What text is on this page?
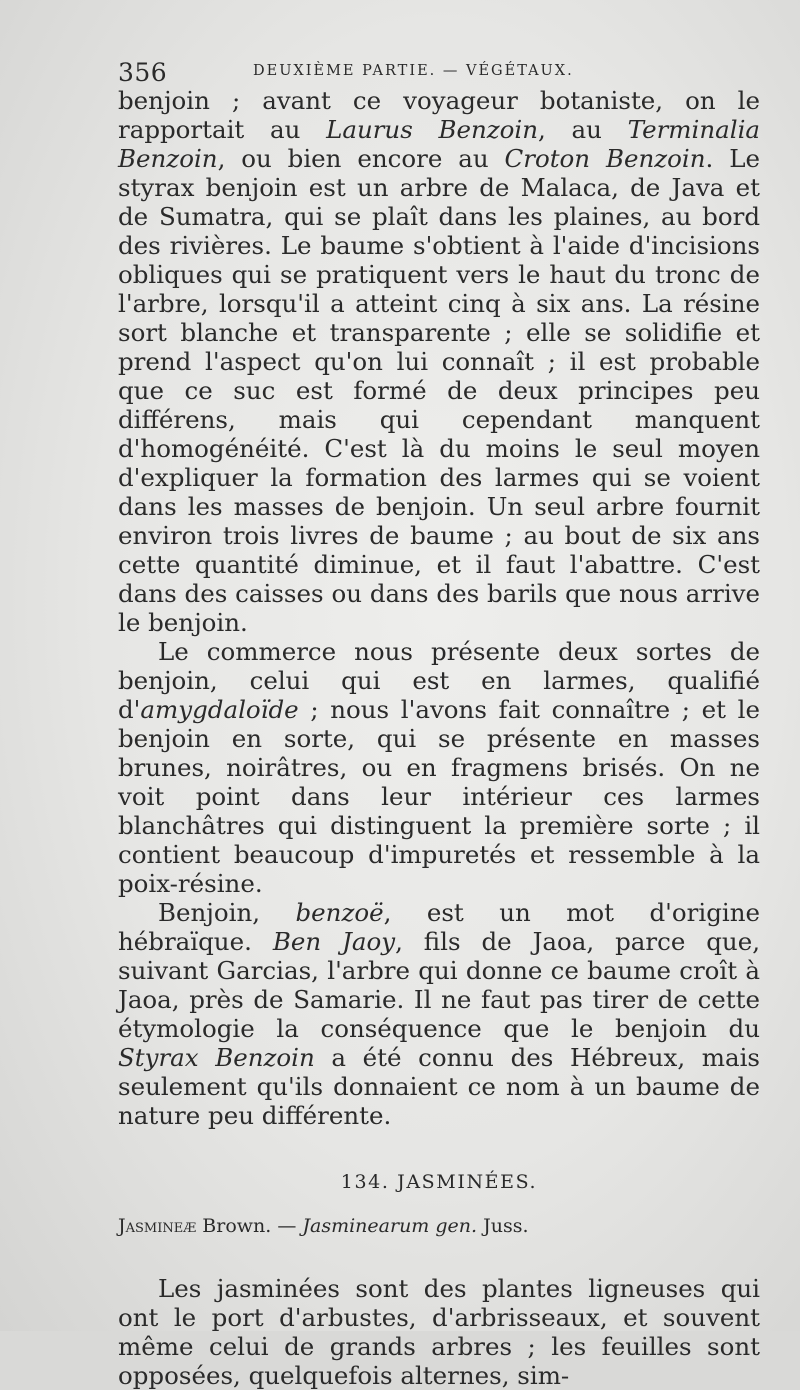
356	DEUXIÈME PARTIE. — VÉGÉTAUX.

benjoin ; avant ce voyageur botaniste, on le rapportait au Laurus Benzoin, au Terminalia Benzoin, ou bien encore au Croton Benzoin. Le styrax benjoin est un arbre de Malaca, de Java et de Sumatra, qui se plaît dans les plaines, au bord des rivières. Le baume s'obtient à l'aide d'incisions obliques qui se pratiquent vers le haut du tronc de l'arbre, lorsqu'il a atteint cinq à six ans. La résine sort blanche et transparente ; elle se solidifie et prend l'aspect qu'on lui connaît ; il est probable que ce suc est formé de deux principes peu différens, mais qui cependant manquent d'homogénéité. C'est là du moins le seul moyen d'expliquer la formation des larmes qui se voient dans les masses de benjoin. Un seul arbre fournit environ trois livres de baume ; au bout de six ans cette quantité diminue, et il faut l'abattre. C'est dans des caisses ou dans des barils que nous arrive le benjoin.

Le commerce nous présente deux sortes de benjoin, celui qui est en larmes, qualifié d'amygdaloïde ; nous l'avons fait connaître ; et le benjoin en sorte, qui se présente en masses brunes, noirâtres, ou en fragmens brisés. On ne voit point dans leur intérieur ces larmes blanchâtres qui distinguent la première sorte ; il contient beaucoup d'impuretés et ressemble à la poix-résine.

Benjoin, benzoë, est un mot d'origine hébraïque. Ben Jaoy, fils de Jaoa, parce que, suivant Garcias, l'arbre qui donne ce baume croît à Jaoa, près de Samarie. Il ne faut pas tirer de cette étymologie la conséquence que le benjoin du Styrax Benzoin a été connu des Hébreux, mais seulement qu'ils donnaient ce nom à un baume de nature peu différente.

134. JASMINÉES.

Jasmineæ Brown. — Jasminearum gen. Juss.

Les jasminées sont des plantes ligneuses qui ont le port d'arbustes, d'arbrisseaux, et souvent même celui de grands arbres ; les feuilles sont opposées, quelquefois alternes, sim-
